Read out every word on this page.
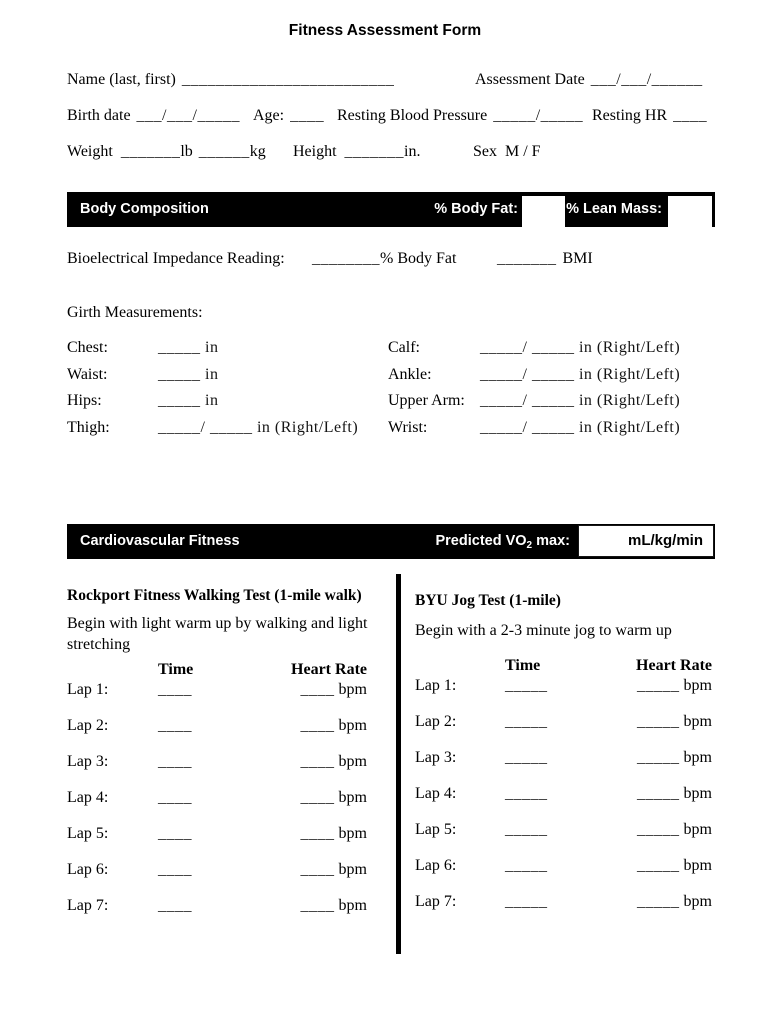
Fitness Assessment Form
Name (last, first) _________________________	Assessment Date ___/___/______
Birth date ___/___/_____ Age: ____ Resting Blood Pressure _____/_____ Resting HR ____
Weight _______lb ______kg Height _______in.	Sex M / F
Body Composition	% Body Fat:	% Lean Mass:
Bioelectrical Impedance Reading: ________% Body Fat	_______ BMI
Girth Measurements:
Chest:	_____ in
Waist:	_____ in
Hips:	_____ in
Thigh:	_____/ _____ in (Right/Left)
Calf:	_____/ _____ in (Right/Left)
Ankle:	_____/ _____ in (Right/Left)
Upper Arm: _____/ _____ in (Right/Left)
Wrist:	_____/ _____ in (Right/Left)
Cardiovascular Fitness	Predicted $VO_2$ max:	mL/kg/min
Rockport Fitness Walking Test (1-mile walk)
Begin with light warm up by walking and light stretching
Time	Heart Rate
Lap 1:	____	____ bpm
Lap 2:	____	____ bpm
Lap 3:	____	____ bpm
Lap 4:	____	____ bpm
Lap 5:	____	____ bpm
Lap 6:	____	____ bpm
Lap 7:	____	____ bpm
BYU Jog Test (1-mile)
Begin with a 2-3 minute jog to warm up
Time	Heart Rate
Lap 1:	_____	_____ bpm
Lap 2:	_____	_____ bpm
Lap 3:	_____	_____ bpm
Lap 4:	_____	_____ bpm
Lap 5:	_____	_____ bpm
Lap 6:	_____	_____ bpm
Lap 7:	_____	_____ bpm
